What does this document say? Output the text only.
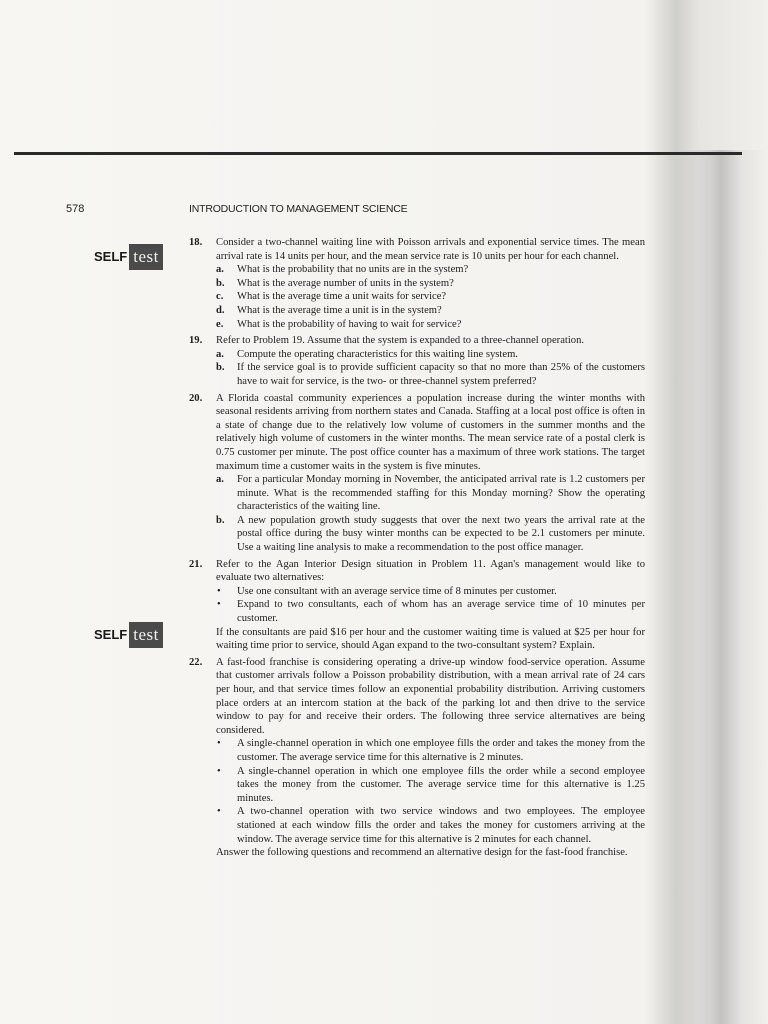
578	INTRODUCTION TO MANAGEMENT SCIENCE
SELF test
SELF test
18. Consider a two-channel waiting line with Poisson arrivals and exponential service times. The mean arrival rate is 14 units per hour, and the mean service rate is 10 units per hour for each channel.
a. What is the probability that no units are in the system?
b. What is the average number of units in the system?
c. What is the average time a unit waits for service?
d. What is the average time a unit is in the system?
e. What is the probability of having to wait for service?
19. Refer to Problem 19. Assume that the system is expanded to a three-channel operation.
a. Compute the operating characteristics for this waiting line system.
b. If the service goal is to provide sufficient capacity so that no more than 25% of the customers have to wait for service, is the two- or three-channel system preferred?
20. A Florida coastal community experiences a population increase during the winter months with seasonal residents arriving from northern states and Canada. Staffing at a local post office is often in a state of change due to the relatively low volume of customers in the summer months and the relatively high volume of customers in the winter months. The mean service rate of a postal clerk is 0.75 customer per minute. The post office counter has a maximum of three work stations. The target maximum time a customer waits in the system is five minutes.
a. For a particular Monday morning in November, the anticipated arrival rate is 1.2 customers per minute. What is the recommended staffing for this Monday morning? Show the operating characteristics of the waiting line.
b. A new population growth study suggests that over the next two years the arrival rate at the postal office during the busy winter months can be expected to be 2.1 customers per minute. Use a waiting line analysis to make a recommendation to the post office manager.
21. Refer to the Agan Interior Design situation in Problem 11. Agan's management would like to evaluate two alternatives:
• Use one consultant with an average service time of 8 minutes per customer.
• Expand to two consultants, each of whom has an average service time of 10 minutes per customer.
If the consultants are paid $16 per hour and the customer waiting time is valued at $25 per hour for waiting time prior to service, should Agan expand to the two-consultant system? Explain.
22. A fast-food franchise is considering operating a drive-up window food-service operation. Assume that customer arrivals follow a Poisson probability distribution, with a mean arrival rate of 24 cars per hour, and that service times follow an exponential probability distribution. Arriving customers place orders at an intercom station at the back of the parking lot and then drive to the service window to pay for and receive their orders. The following three service alternatives are being considered.
• A single-channel operation in which one employee fills the order and takes the money from the customer. The average service time for this alternative is 2 minutes.
• A single-channel operation in which one employee fills the order while a second employee takes the money from the customer. The average service time for this alternative is 1.25 minutes.
• A two-channel operation with two service windows and two employees. The employee stationed at each window fills the order and takes the money for customers arriving at the window. The average service time for this alternative is 2 minutes for each channel.
Answer the following questions and recommend an alternative design for the fast-food franchise.
